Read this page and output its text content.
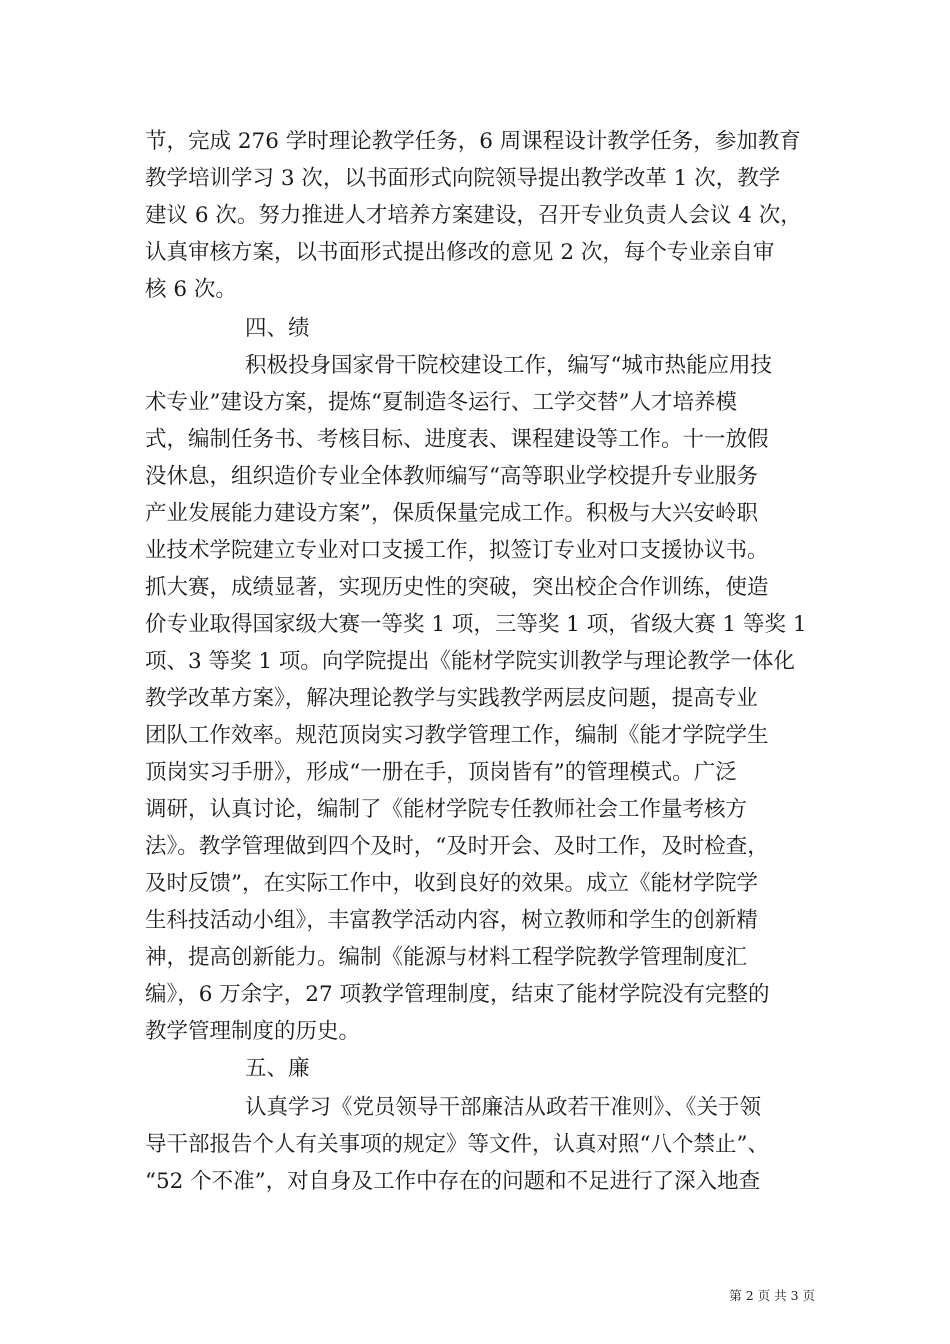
节，完成 276 学时理论教学任务，6 周课程设计教学任务，参加教育
教学培训学习 3 次，以书面形式向院领导提出教学改革 1 次，教学
建议 6 次。努力推进人才培养方案建设，召开专业负责人会议 4 次，
认真审核方案，以书面形式提出修改的意见 2 次，每个专业亲自审
核 6 次。
四、绩
积极投身国家骨干院校建设工作，编写“城市热能应用技
术专业”建设方案，提炼“夏制造冬运行、工学交替”人才培养模
式，编制任务书、考核目标、进度表、课程建设等工作。十一放假
没休息，组织造价专业全体教师编写“高等职业学校提升专业服务
产业发展能力建设方案”，保质保量完成工作。积极与大兴安岭职
业技术学院建立专业对口支援工作，拟签订专业对口支援协议书。
抓大赛，成绩显著，实现历史性的突破，突出校企合作训练，使造
价专业取得国家级大赛一等奖 1 项，三等奖 1 项，省级大赛 1 等奖 1
项、3 等奖 1 项。向学院提出《能材学院实训教学与理论教学一体化
教学改革方案》，解决理论教学与实践教学两层皮问题，提高专业
团队工作效率。规范顶岗实习教学管理工作，编制《能才学院学生
顶岗实习手册》，形成“一册在手，顶岗皆有”的管理模式。广泛
调研，认真讨论，编制了《能材学院专任教师社会工作量考核方
法》。教学管理做到四个及时，“及时开会、及时工作，及时检查，
及时反馈”，在实际工作中，收到良好的效果。成立《能材学院学
生科技活动小组》，丰富教学活动内容，树立教师和学生的创新精
神，提高创新能力。编制《能源与材料工程学院教学管理制度汇
编》，6 万余字，27 项教学管理制度，结束了能材学院没有完整的
教学管理制度的历史。
五、廉
认真学习《党员领导干部廉洁从政若干准则》、《关于领
导干部报告个人有关事项的规定》等文件，认真对照“八个禁止”、
“52 个不准”，对自身及工作中存在的问题和不足进行了深入地查
第 2 页 共 3 页
